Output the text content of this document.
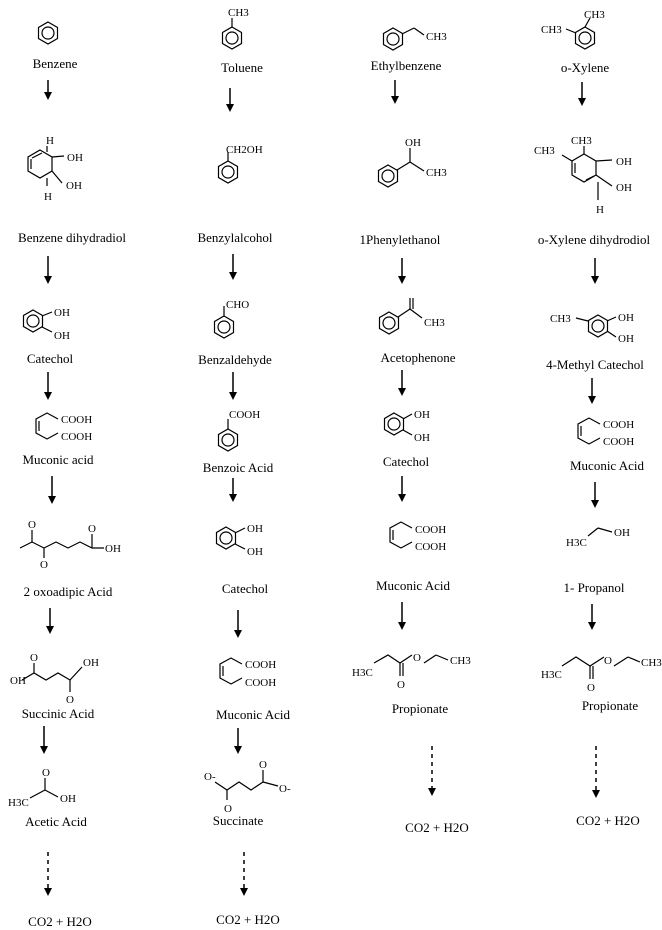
Benzene
H
OH
OH
H
Benzene dihydradiol
OH
OH
Catechol
COOH
COOH
Muconic acid
O	O
O
OH
2 oxoadipic Acid
O
OH
OH
O
Succinic Acid
O
H3C	OH
Acetic Acid
CO2 + H2O
CH3
Toluene
CH2OH
Benzylalcohol
CHO
Benzaldehyde
COOH
Benzoic Acid
OH
OH
Catechol
COOH
COOH
Muconic Acid
O-
O
O
O-
Succinate
CO2 + H2O
CH3
Ethylbenzene
OH
CH3
1Phenylethanol
CH3
Acetophenone
OH
OH
Catechol
COOH
COOH
Muconic Acid
H3C
O
O
CH3
Propionate
CO2 + H2O
CH3
CH3
o-Xylene
CH3
CH3
OH
OH
H
o-Xylene dihydrodiol
CH3	OH
OH
4-Methyl Catechol
COOH
COOH
Muconic Acid
H3C
OH
1- Propanol
H3C
O
O
CH3
Propionate
CO2 + H2O
